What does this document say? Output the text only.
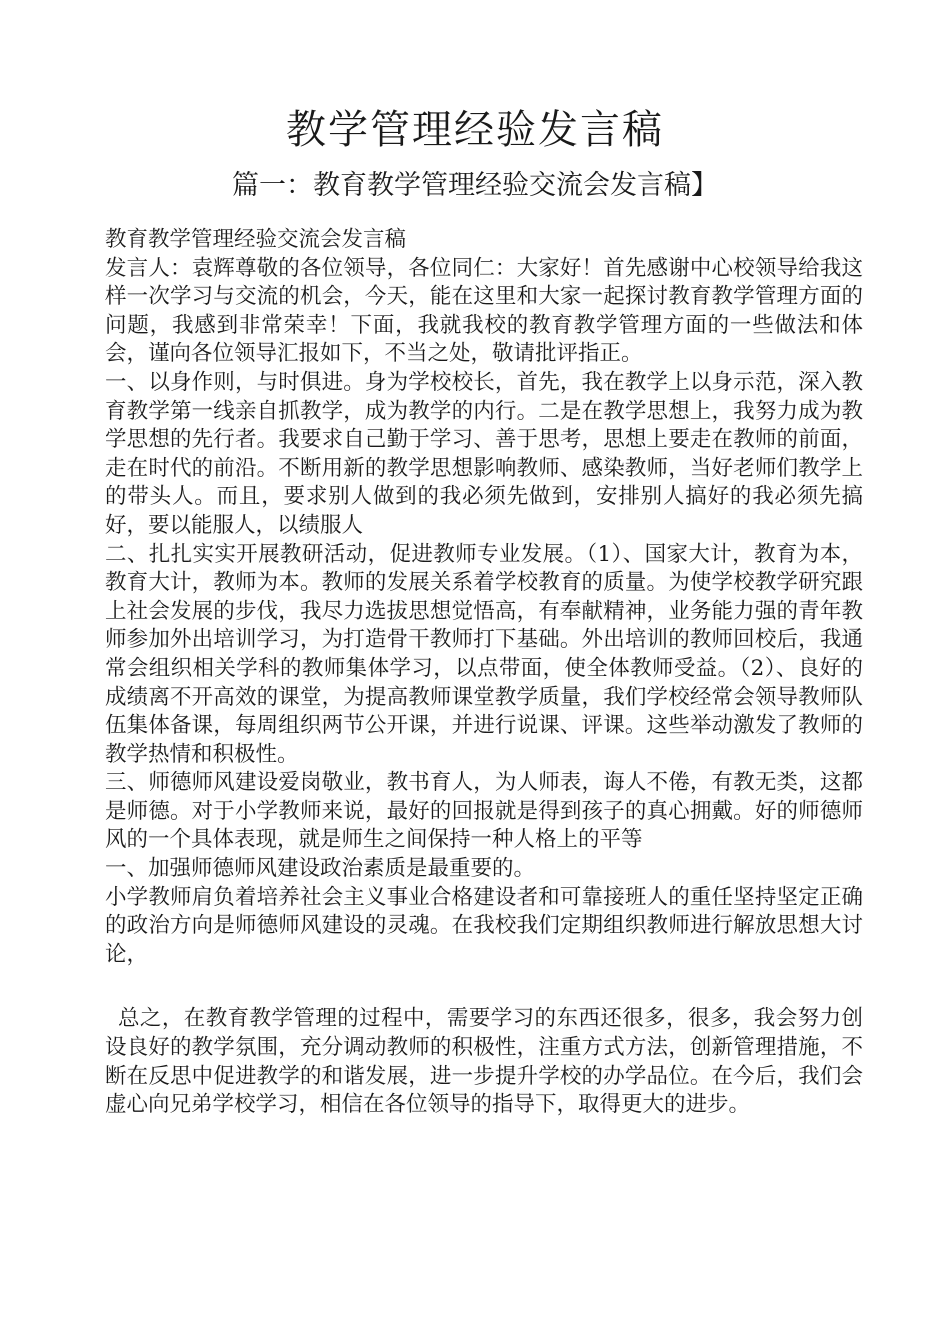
教学管理经验发言稿
篇一：教育教学管理经验交流会发言稿】

教育教学管理经验交流会发言稿

发言人：袁辉尊敬的各位领导，各位同仁：大家好！首先感谢中心校领导给我这样一次学习与交流的机会，今天，能在这里和大家一起探讨教育教学管理方面的问题，我感到非常荣幸！下面，我就我校的教育教学管理方面的一些做法和体会，谨向各位领导汇报如下，不当之处，敬请批评指正。

一、以身作则，与时俱进。身为学校校长，首先，我在教学上以身示范，深入教育教学第一线亲自抓教学，成为教学的内行。二是在教学思想上，我努力成为教学思想的先行者。我要求自己勤于学习、善于思考，思想上要走在教师的前面，走在时代的前沿。不断用新的教学思想影响教师、感染教师，当好老师们教学上的带头人。而且，要求别人做到的我必须先做到，安排别人搞好的我必须先搞好，要以能服人，以绩服人

二、扎扎实实开展教研活动，促进教师专业发展。（1）、国家大计，教育为本，教育大计，教师为本。教师的发展关系着学校教育的质量。为使学校教学研究跟上社会发展的步伐，我尽力选拔思想觉悟高，有奉献精神，业务能力强的青年教师参加外出培训学习，为打造骨干教师打下基础。外出培训的教师回校后，我通常会组织相关学科的教师集体学习，以点带面，使全体教师受益。（2）、良好的成绩离不开高效的课堂，为提高教师课堂教学质量，我们学校经常会领导教师队伍集体备课，每周组织两节公开课，并进行说课、评课。这些举动激发了教师的教学热情和积极性。

三、师德师风建设爱岗敬业，教书育人，为人师表，诲人不倦，有教无类，这都是师德。对于小学教师来说，最好的回报就是得到孩子的真心拥戴。好的师德师风的一个具体表现，就是师生之间保持一种人格上的平等

一、加强师德师风建设政治素质是最重要的。

小学教师肩负着培养社会主义事业合格建设者和可靠接班人的重任坚持坚定正确的政治方向是师德师风建设的灵魂。在我校我们定期组织教师进行解放思想大讨论，

总之，在教育教学管理的过程中，需要学习的东西还很多，很多，我会努力创设良好的教学氛围，充分调动教师的积极性，注重方式方法，创新管理措施，不断在反思中促进教学的和谐发展，进一步提升学校的办学品位。在今后，我们会虚心向兄弟学校学习，相信在各位领导的指导下，取得更大的进步。
